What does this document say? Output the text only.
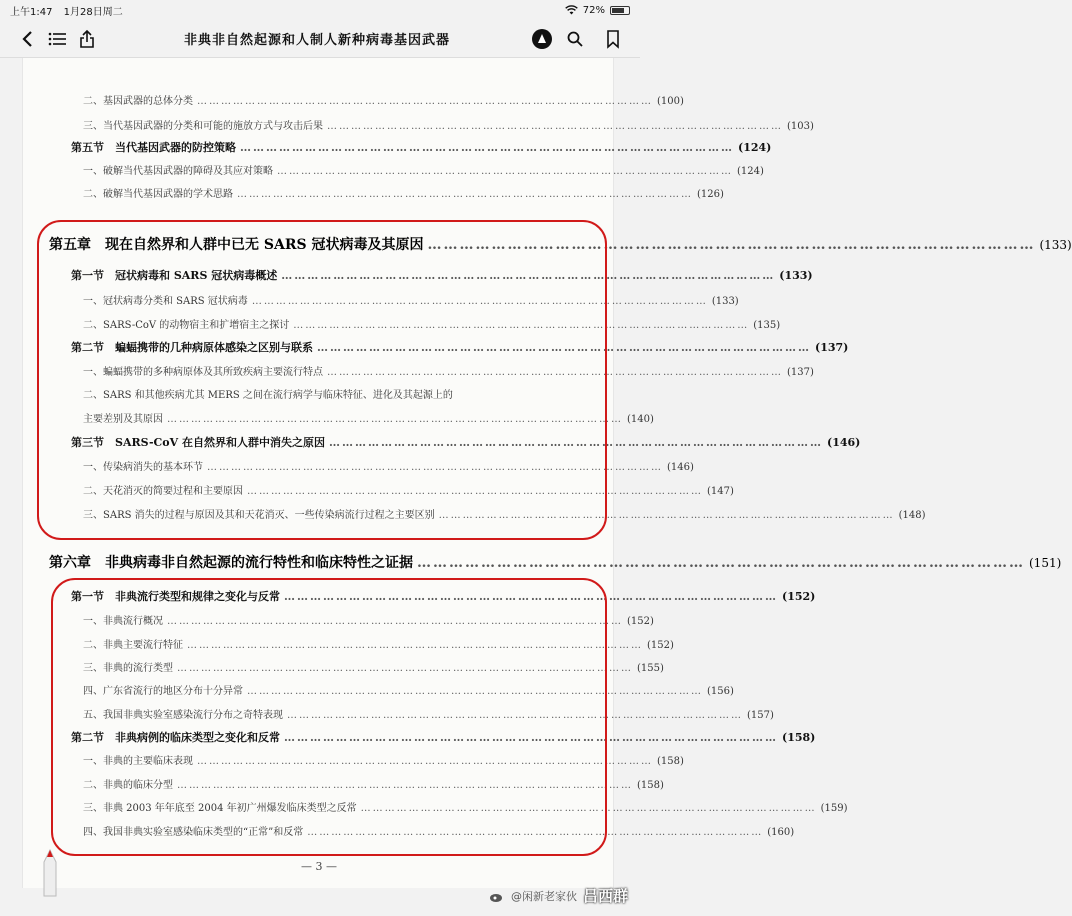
上午1:47 1月28日周二	72%
非典非自然起源和人制人新种病毒基因武器
二、基因武器的总体分类 …………………………………………………………………………………………………… (100)
三、当代基因武器的分类和可能的施放方式与攻击后果 …………………………………………………………………………………………………… (103)
第五节　当代基因武器的防控策略 …………………………………………………………………………………………………… (124)
一、破解当代基因武器的障碍及其应对策略 …………………………………………………………………………………………………… (124)
二、破解当代基因武器的学术思路 …………………………………………………………………………………………………… (126)
第五章　现在自然界和人群中已无 SARS 冠状病毒及其原因 …………………………………………………………………………………………………… (133)
第一节　冠状病毒和 SARS 冠状病毒概述 …………………………………………………………………………………………………… (133)
一、冠状病毒分类和 SARS 冠状病毒 …………………………………………………………………………………………………… (133)
二、SARS-CoV 的动物宿主和扩增宿主之探讨 …………………………………………………………………………………………………… (135)
第二节　蝙蝠携带的几种病原体感染之区别与联系 …………………………………………………………………………………………………… (137)
一、蝙蝠携带的多种病原体及其所致疾病主要流行特点 …………………………………………………………………………………………………… (137)
二、SARS 和其他疾病尤其 MERS 之间在流行病学与临床特征、进化及其起源上的
主要差别及其原因 …………………………………………………………………………………………………… (140)
第三节　SARS-CoV 在自然界和人群中消失之原因 …………………………………………………………………………………………………… (146)
一、传染病消失的基本环节 …………………………………………………………………………………………………… (146)
二、天花消灭的简要过程和主要原因 …………………………………………………………………………………………………… (147)
三、SARS 消失的过程与原因及其和天花消灭、一些传染病流行过程之主要区别 …………………………………………………………………………………………………… (148)
第六章　非典病毒非自然起源的流行特性和临床特性之证据 …………………………………………………………………………………………………… (151)
第一节　非典流行类型和规律之变化与反常 …………………………………………………………………………………………………… (152)
一、非典流行概况 …………………………………………………………………………………………………… (152)
二、非典主要流行特征 …………………………………………………………………………………………………… (152)
三、非典的流行类型 …………………………………………………………………………………………………… (155)
四、广东省流行的地区分布十分异常 …………………………………………………………………………………………………… (156)
五、我国非典实验室感染流行分布之奇特表现 …………………………………………………………………………………………………… (157)
第二节　非典病例的临床类型之变化和反常 …………………………………………………………………………………………………… (158)
一、非典的主要临床表现 …………………………………………………………………………………………………… (158)
二、非典的临床分型 …………………………………………………………………………………………………… (158)
三、非典 2003 年年底至 2004 年初广州爆发临床类型之反常 …………………………………………………………………………………………………… (159)
四、我国非典实验室感染临床类型的“正常”和反常 …………………………………………………………………………………………………… (160)
— 3 —
@闲新老家伙 吕西群
